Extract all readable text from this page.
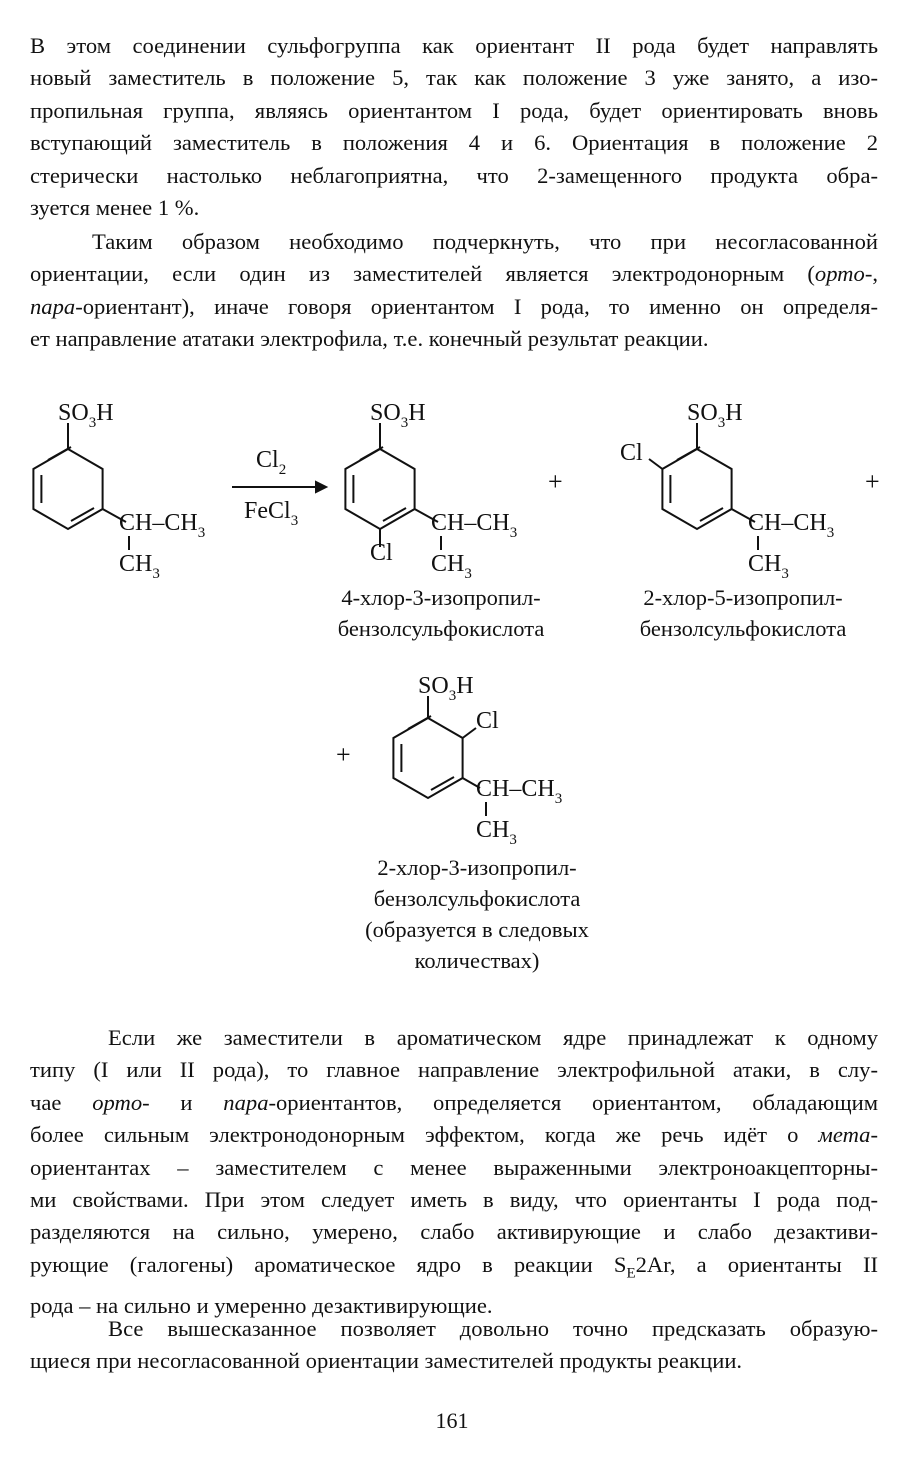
В этом соединении сульфогруппа как ориентант II рода будет направлять
новый заместитель в положение 5, так как положение 3 уже занято, а изо-
пропильная группа, являясь ориентантом I рода, будет ориентировать вновь
вступающий заместитель в положения 4 и 6. Ориентация в положение 2
стерически настолько неблагоприятна, что 2-замещенного продукта обра-
зуется менее 1 %.
Таким образом необходимо подчеркнуть, что при несогласованной
ориентации, если один из заместителей является электродонорным (орто-,
пара-ориентант), иначе говоря ориентантом I рода, то именно он определя-
ет направление ататаки электрофила, т.е. конечный результат реакции.
$SO_3H$
$CH-CH_3$
$CH_3$
$Cl_2$
FeCl$_3$
$SO_3H$
Cl
$CH-CH_3$
$CH_3$
4-хлор-3-изопропил-
бензолсульфокислота
+
$SO_3H$
Cl
$CH-CH_3$
$CH_3$
2-хлор-5-изопропил-
бензолсульфокислота
+
+
$SO_3H$
Cl
$CH-CH_3$
$CH_3$
2-хлор-3-изопропил-
бензолсульфокислота
(образуется в следовых
количествах)
Если же заместители в ароматическом ядре принадлежат к одному
типу (I или II рода), то главное направление электрофильной атаки, в слу-
чае орто- и пара-ориентантов, определяется ориентантом, обладающим
более сильным электронодонорным эффектом, когда же речь идёт о мета-
ориентантах – заместителем с менее выраженными электроноакцепторны-
ми свойствами. При этом следует иметь в виду, что ориентанты I рода под-
разделяются на сильно, умерено, слабо активирующие и слабо дезактиви-
рующие (галогены) ароматическое ядро в реакции $S_E2Ar$, а ориентанты II
рода – на сильно и умеренно дезактивирующие.
Все вышесказанное позволяет довольно точно предсказать образую-
щиеся при несогласованной ориентации заместителей продукты реакции.
161
